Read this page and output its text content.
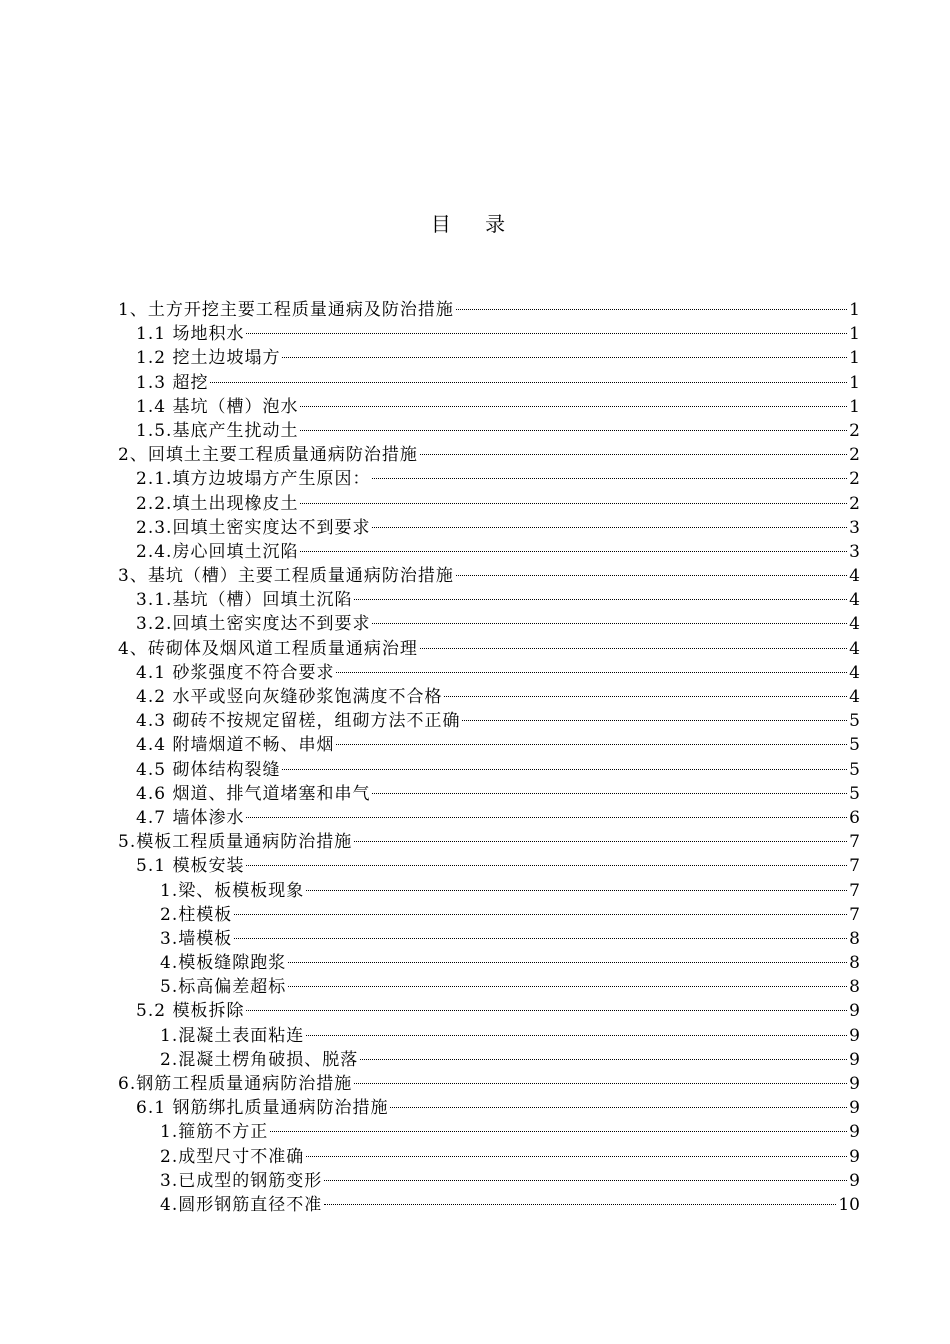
目 录
1、土方开挖主要工程质量通病及防治措施	1
1.1 场地积水	1
1.2 挖土边坡塌方	1
1.3 超挖	1
1.4 基坑（槽）泡水	1
1.5.基底产生扰动土	2
2、回填土主要工程质量通病防治措施	2
2.1.填方边坡塌方产生原因：	2
2.2.填土出现橡皮土	2
2.3.回填土密实度达不到要求	3
2.4.房心回填土沉陷	3
3、基坑（槽）主要工程质量通病防治措施	4
3.1.基坑（槽）回填土沉陷	4
3.2.回填土密实度达不到要求	4
4、砖砌体及烟风道工程质量通病治理	4
4.1 砂浆强度不符合要求	4
4.2 水平或竖向灰缝砂浆饱满度不合格	4
4.3 砌砖不按规定留槎，组砌方法不正确	5
4.4 附墙烟道不畅、串烟	5
4.5 砌体结构裂缝	5
4.6 烟道、排气道堵塞和串气	5
4.7 墙体渗水	6
5.模板工程质量通病防治措施	7
5.1 模板安装	7
1.梁、板模板现象	7
2.柱模板	7
3.墙模板	8
4.模板缝隙跑浆	8
5.标高偏差超标	8
5.2 模板拆除	9
1.混凝土表面粘连	9
2.混凝土楞角破损、脱落	9
6.钢筋工程质量通病防治措施	9
6.1 钢筋绑扎质量通病防治措施	9
1.箍筋不方正	9
2.成型尺寸不准确	9
3.已成型的钢筋变形	9
4.圆形钢筋直径不准	10
